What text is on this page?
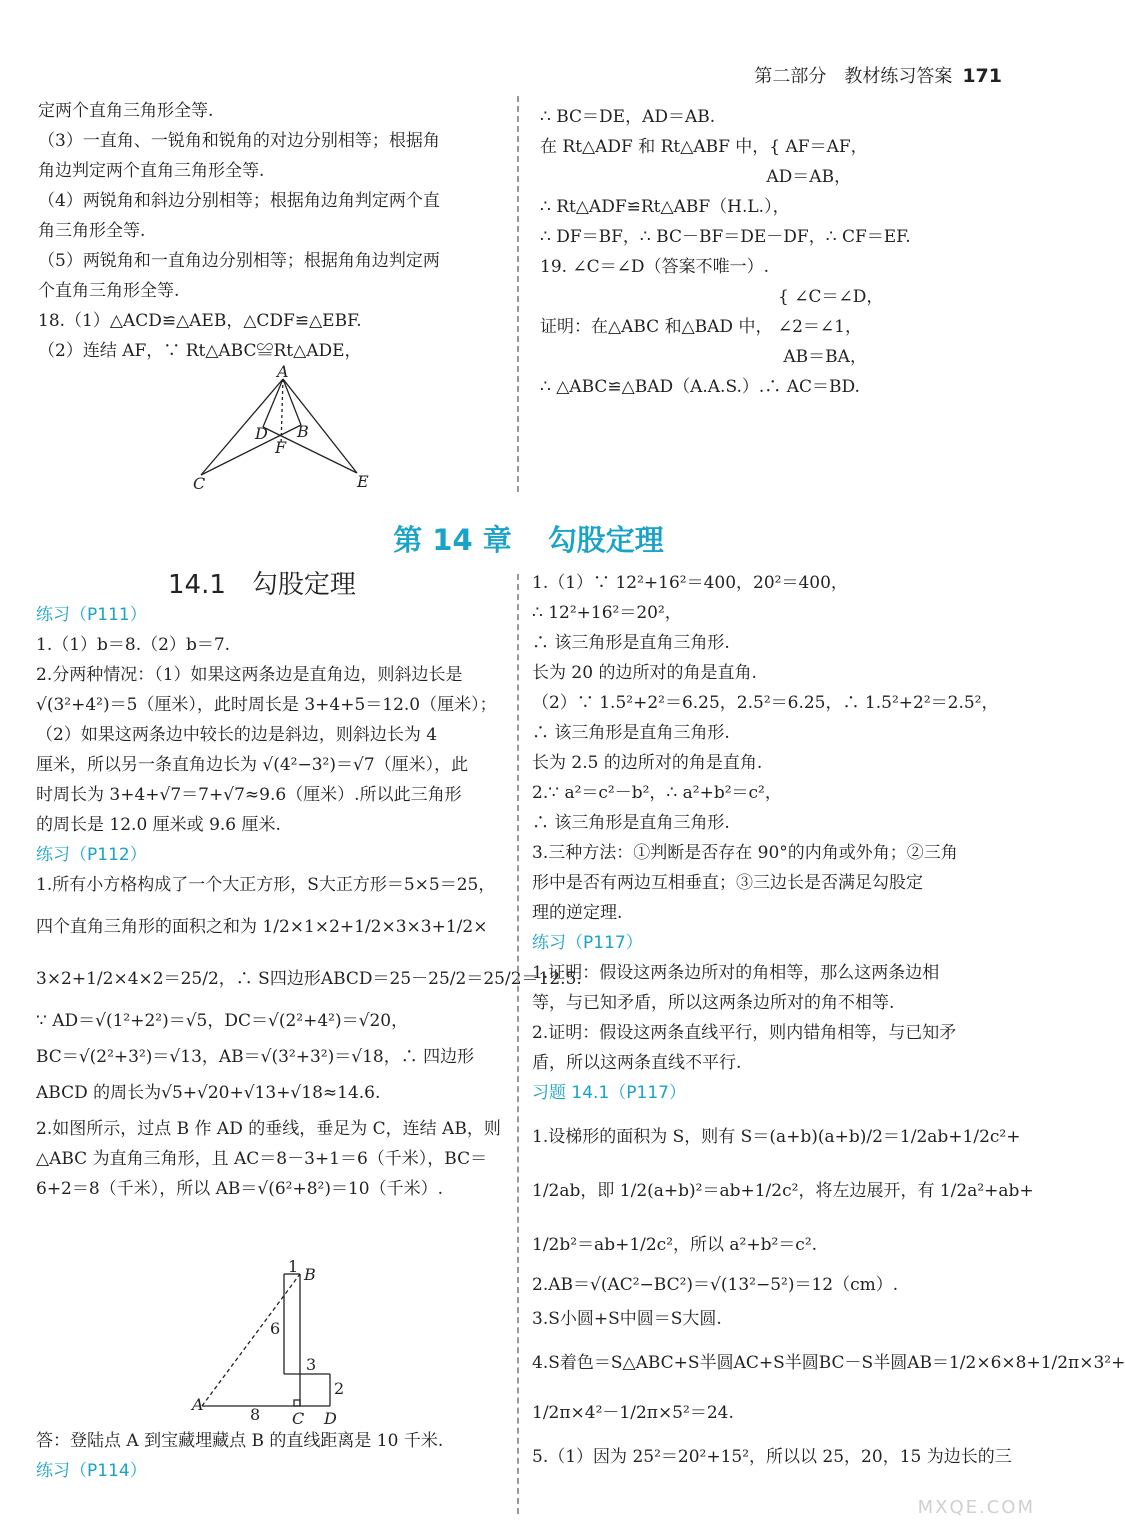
第二部分　教材练习答案 171

定两个直角三角形全等.

（3）一直角、一锐角和锐角的对边分别相等；根据角

角边判定两个直角三角形全等.

（4）两锐角和斜边分别相等；根据角边角判定两个直

角三角形全等.

（5）两锐角和一直角边分别相等；根据角角边判定两

个直角三角形全等.

18.（1）△ACD≌△AEB，△CDF≌△EBF.

（2）连结 AF，∵ Rt△ABC≌Rt△ADE，

A
D B
F
C	E

∴ BC＝DE，AD＝AB.

在 Rt△ADF 和 Rt△ABF 中，{ AF＝AF，

　　　　　　　　　　　　　 AD＝AB，

∴ Rt△ADF≌Rt△ABF（H.L.），

∴ DF＝BF，∴ BC－BF＝DE－DF，∴ CF＝EF.

19. ∠C＝∠D（答案不唯一）.

　　　　　　　　　　　　　　{ ∠C＝∠D，

证明：在△ABC 和△BAD 中， ∠2＝∠1，

　　　　　　　　　　　　　　 AB＝BA，

∴ △ABC≌△BAD（A.A.S.）.∴ AC＝BD.

第 14 章 勾股定理
14.1　勾股定理

练习（P111）

1.（1）b＝8.（2）b＝7.

2.分两种情况：（1）如果这两条边是直角边，则斜边长是

√(3²+4²)＝5（厘米），此时周长是 3+4+5＝12.0（厘米）；

（2）如果这两条边中较长的边是斜边，则斜边长为 4

厘米，所以另一条直角边长为 √(4²−3²)＝√7（厘米），此

时周长为 3+4+√7＝7+√7≈9.6（厘米）.所以此三角形

的周长是 12.0 厘米或 9.6 厘米.

练习（P112）

1.所有小方格构成了一个大正方形，S大正方形＝5×5＝25，

四个直角三角形的面积之和为 1/2×1×2+1/2×3×3+1/2×

3×2+1/2×4×2＝25/2，∴ S四边形ABCD＝25－25/2＝25/2＝12.5.

∵ AD＝√(1²+2²)＝√5，DC＝√(2²+4²)＝√20，

BC＝√(2²+3²)＝√13，AB＝√(3²+3²)＝√18，∴ 四边形

ABCD 的周长为√5+√20+√13+√18≈14.6.

2.如图所示，过点 B 作 AD 的垂线，垂足为 C，连结 AB，则

△ABC 为直角三角形，且 AC＝8－3+1＝6（千米），BC＝

6+2＝8（千米），所以 AB＝√(6²+8²)＝10（千米）.

B
1
6
3
2
8
A
C D

答：登陆点 A 到宝藏埋藏点 B 的直线距离是 10 千米.

练习（P114）

1.（1）∵ 12²+16²＝400，20²＝400，

∴ 12²+16²＝20²，

∴ 该三角形是直角三角形.

长为 20 的边所对的角是直角.

（2）∵ 1.5²+2²＝6.25，2.5²＝6.25，∴ 1.5²+2²＝2.5²，

∴ 该三角形是直角三角形.

长为 2.5 的边所对的角是直角.

2.∵ a²＝c²－b²，∴ a²+b²＝c²，

∴ 该三角形是直角三角形.

3.三种方法：①判断是否存在 90°的内角或外角；②三角

形中是否有两边互相垂直；③三边长是否满足勾股定

理的逆定理.

练习（P117）

1.证明：假设这两条边所对的角相等，那么这两条边相

等，与已知矛盾，所以这两条边所对的角不相等.

2.证明：假设这两条直线平行，则内错角相等，与已知矛

盾，所以这两条直线不平行.

习题 14.1（P117）

1.设梯形的面积为 S，则有 S＝(a+b)(a+b)/2＝1/2ab+1/2c²+

1/2ab，即 1/2(a+b)²＝ab+1/2c²，将左边展开，有 1/2a²+ab+

1/2b²＝ab+1/2c²，所以 a²+b²＝c².

2.AB＝√(AC²−BC²)＝√(13²−5²)＝12（cm）.

3.S小圆+S中圆＝S大圆.

4.S着色＝S△ABC+S半圆AC+S半圆BC－S半圆AB＝1/2×6×8+1/2π×3²+

1/2π×4²－1/2π×5²＝24.

5.（1）因为 25²＝20²+15²，所以以 25，20，15 为边长的三

MXQE.COM
